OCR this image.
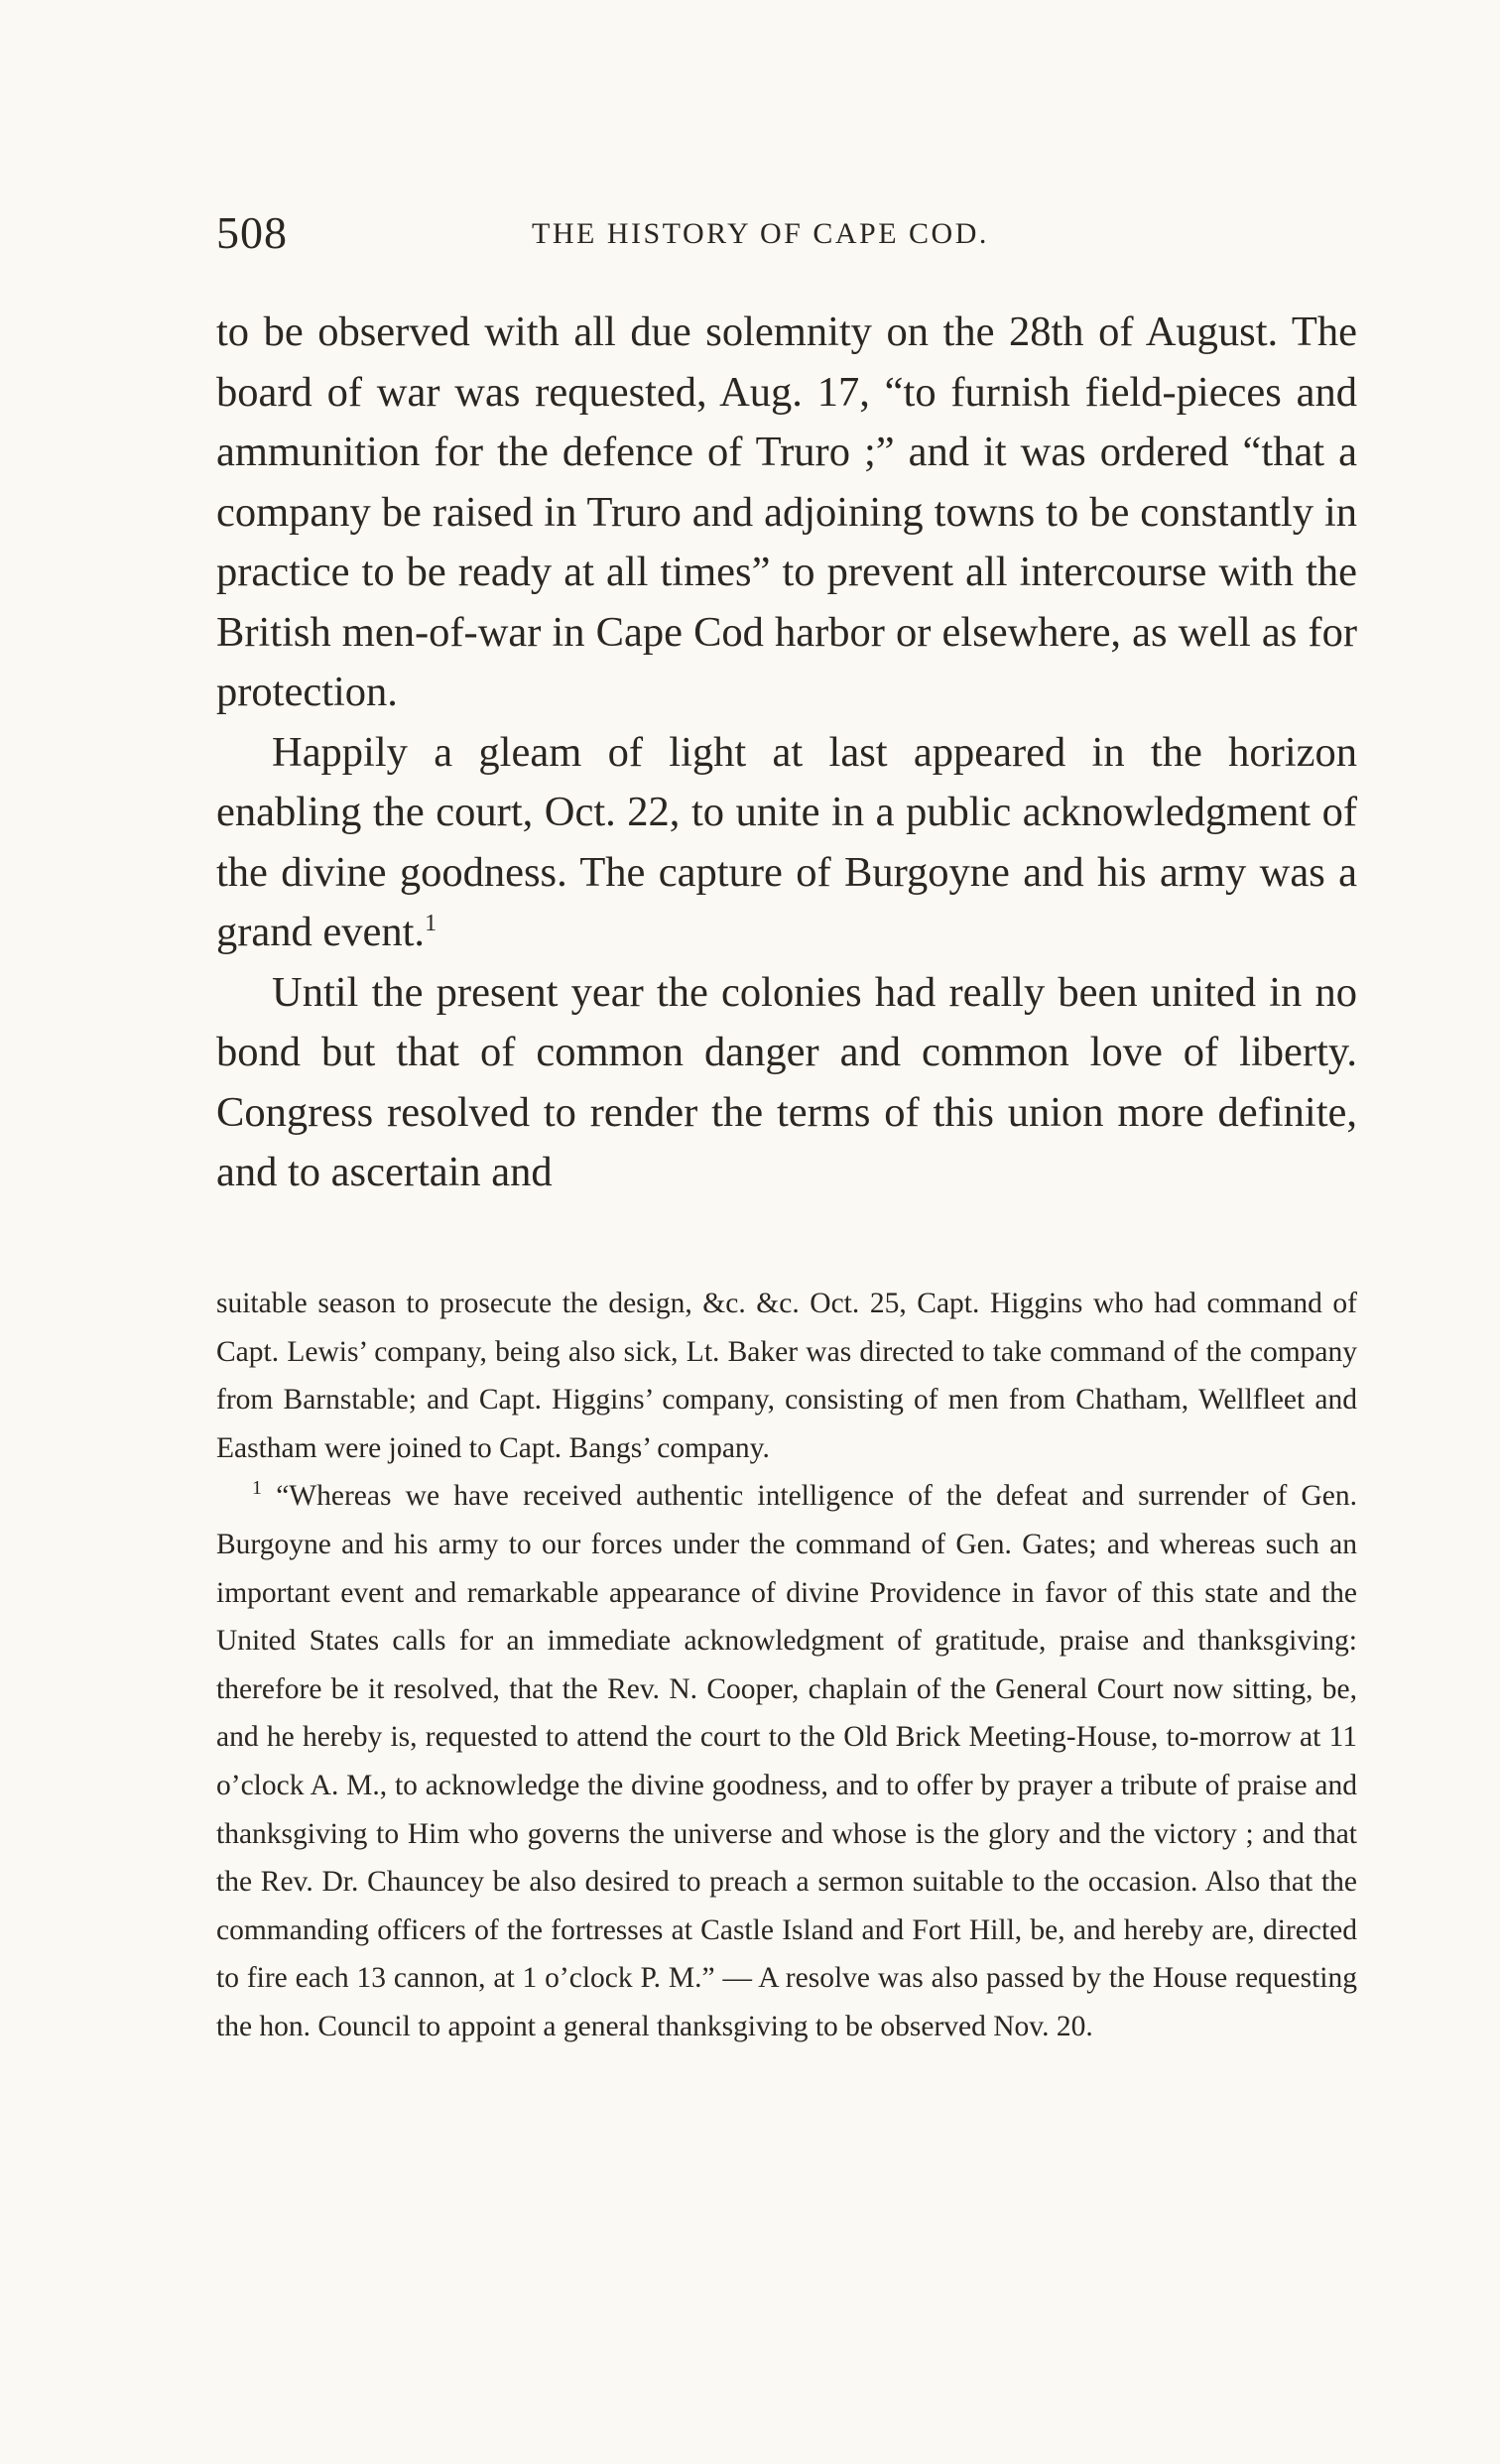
508	THE HISTORY OF CAPE COD.

to be observed with all due solemnity on the 28th of August. The board of war was requested, Aug. 17, “to furnish field-pieces and ammunition for the defence of Truro ;” and it was ordered “that a company be raised in Truro and adjoining towns to be constantly in practice to be ready at all times” to prevent all intercourse with the British men-of-war in Cape Cod harbor or elsewhere, as well as for protection.

Happily a gleam of light at last appeared in the horizon enabling the court, Oct. 22, to unite in a public acknowledgment of the divine goodness. The capture of Burgoyne and his army was a grand event.$^1$

Until the present year the colonies had really been united in no bond but that of common danger and common love of liberty. Congress resolved to render the terms of this union more definite, and to ascertain and

suitable season to prosecute the design, &c. &c. Oct. 25, Capt. Higgins who had command of Capt. Lewis’ company, being also sick, Lt. Baker was directed to take command of the company from Barnstable; and Capt. Higgins’ company, consisting of men from Chatham, Wellfleet and Eastham were joined to Capt. Bangs’ company.

$^1$ “Whereas we have received authentic intelligence of the defeat and surrender of Gen. Burgoyne and his army to our forces under the command of Gen. Gates; and whereas such an important event and remarkable appearance of divine Providence in favor of this state and the United States calls for an immediate acknowledgment of gratitude, praise and thanksgiving: therefore be it resolved, that the Rev. N. Cooper, chaplain of the General Court now sitting, be, and he hereby is, requested to attend the court to the Old Brick Meeting-House, to-morrow at 11 o’clock A. M., to acknowledge the divine goodness, and to offer by prayer a tribute of praise and thanksgiving to Him who governs the universe and whose is the glory and the victory ; and that the Rev. Dr. Chauncey be also desired to preach a sermon suitable to the occasion. Also that the commanding officers of the fortresses at Castle Island and Fort Hill, be, and hereby are, directed to fire each 13 cannon, at 1 o’clock P. M.” — A resolve was also passed by the House requesting the hon. Council to appoint a general thanksgiving to be observed Nov. 20.
